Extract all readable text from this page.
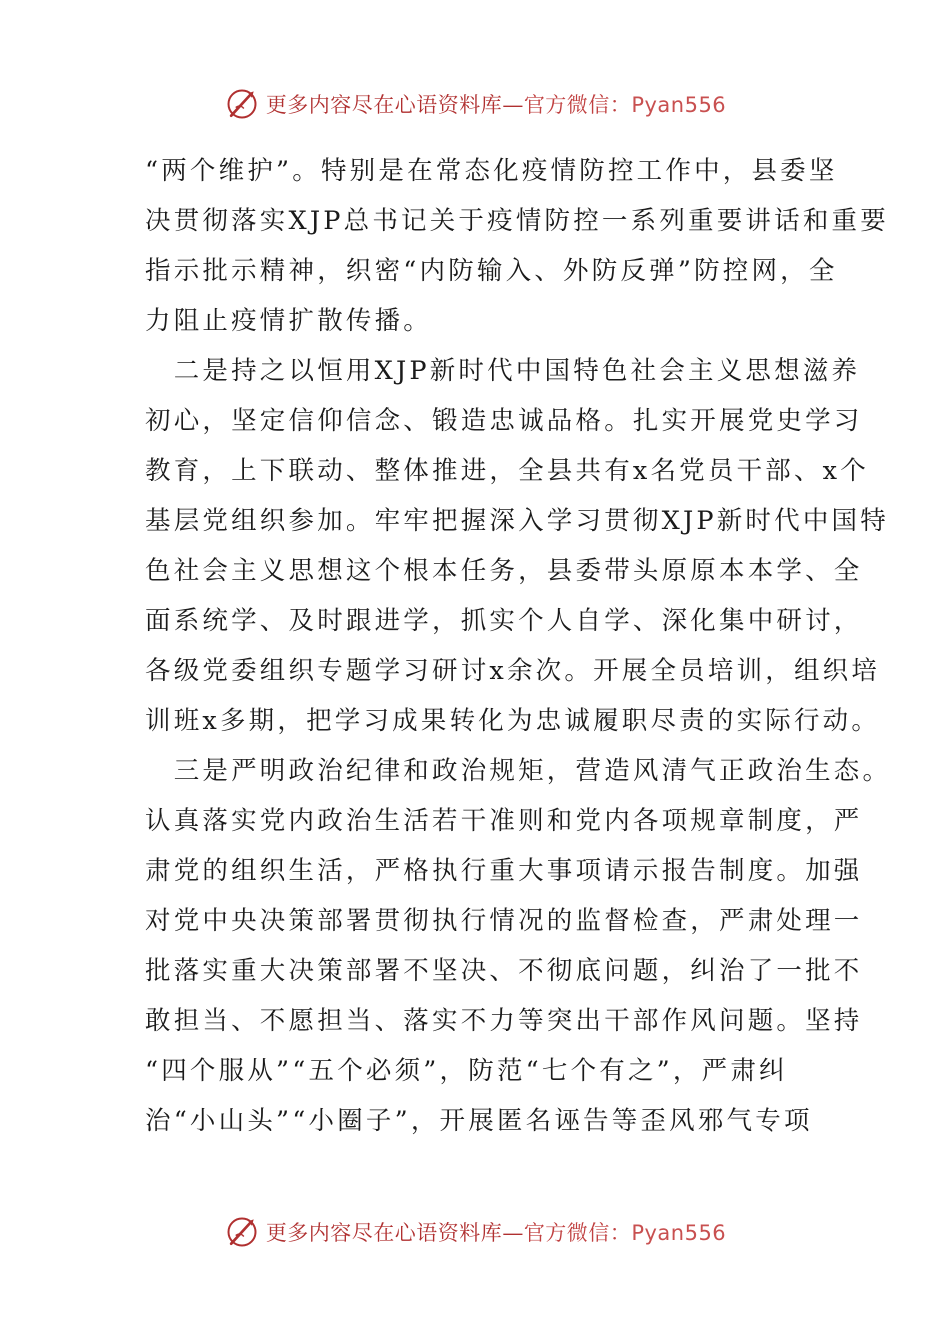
更多内容尽在心语资料库—官方微信：Pyan556
“两个维护”。特别是在常态化疫情防控工作中，县委坚
决贯彻落实XJP总书记关于疫情防控一系列重要讲话和重要
指示批示精神，织密“内防输入、外防反弹”防控网，全
力阻止疫情扩散传播。
　二是持之以恒用XJP新时代中国特色社会主义思想滋养
初心，坚定信仰信念、锻造忠诚品格。扎实开展党史学习
教育，上下联动、整体推进，全县共有x名党员干部、x个
基层党组织参加。牢牢把握深入学习贯彻XJP新时代中国特
色社会主义思想这个根本任务，县委带头原原本本学、全
面系统学、及时跟进学，抓实个人自学、深化集中研讨，
各级党委组织专题学习研讨x余次。开展全员培训，组织培
训班x多期，把学习成果转化为忠诚履职尽责的实际行动。
　三是严明政治纪律和政治规矩，营造风清气正政治生态。
认真落实党内政治生活若干准则和党内各项规章制度，严
肃党的组织生活，严格执行重大事项请示报告制度。加强
对党中央决策部署贯彻执行情况的监督检查，严肃处理一
批落实重大决策部署不坚决、不彻底问题，纠治了一批不
敢担当、不愿担当、落实不力等突出干部作风问题。坚持
“四个服从”“五个必须”，防范“七个有之”，严肃纠
治“小山头”“小圈子”，开展匿名诬告等歪风邪气专项
更多内容尽在心语资料库—官方微信：Pyan556
